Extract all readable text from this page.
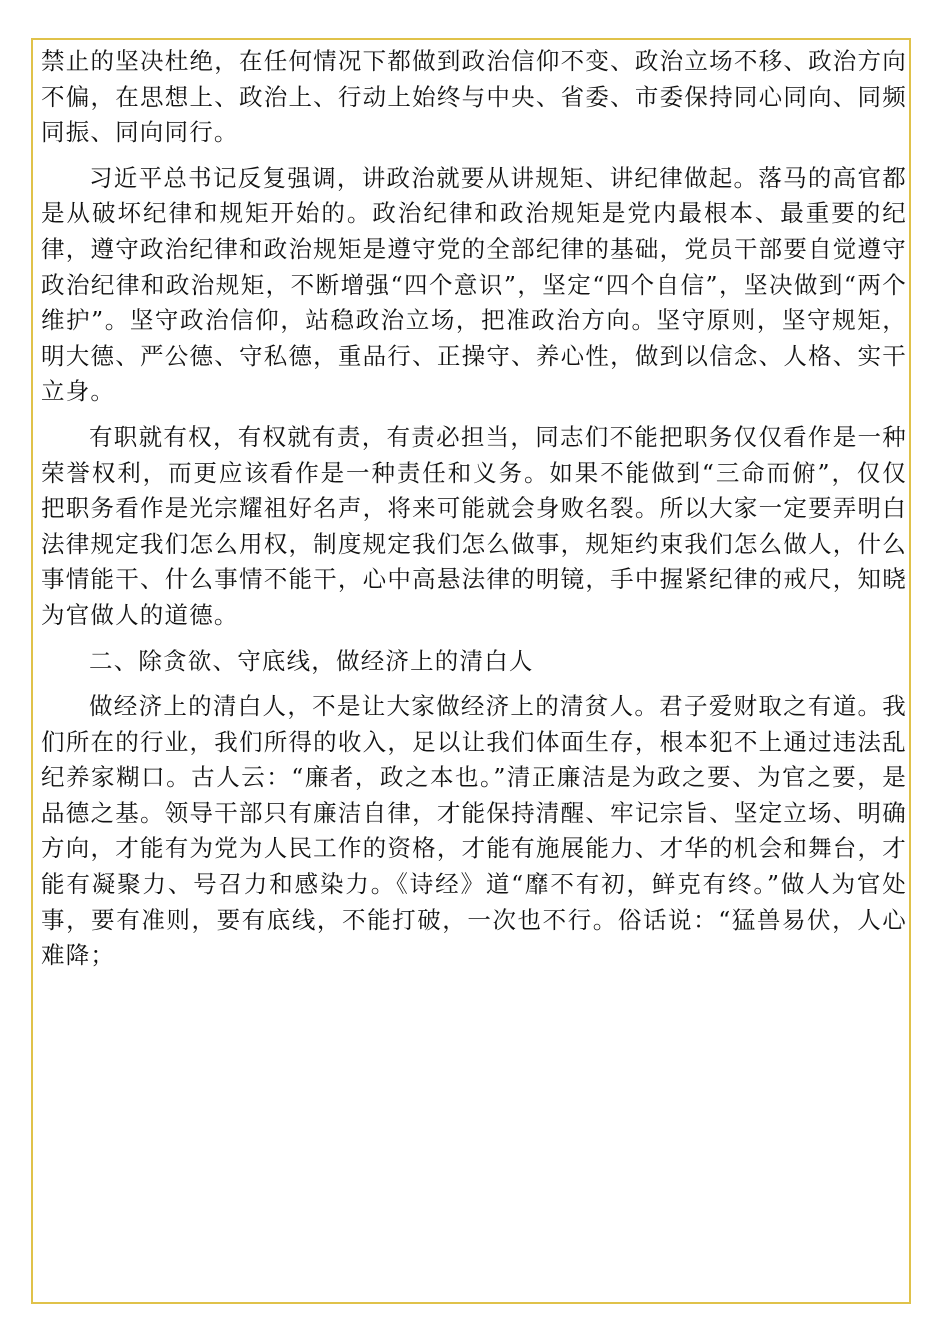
禁止的坚决杜绝，在任何情况下都做到政治信仰不变、政治立场不移、政治方向不偏，在思想上、政治上、行动上始终与中央、省委、市委保持同心同向、同频同振、同向同行。

习近平总书记反复强调，讲政治就要从讲规矩、讲纪律做起。落马的高官都是从破坏纪律和规矩开始的。政治纪律和政治规矩是党内最根本、最重要的纪律，遵守政治纪律和政治规矩是遵守党的全部纪律的基础，党员干部要自觉遵守政治纪律和政治规矩，不断增强“四个意识”，坚定“四个自信”，坚决做到“两个维护”。坚守政治信仰，站稳政治立场，把准政治方向。坚守原则，坚守规矩，明大德、严公德、守私德，重品行、正操守、养心性，做到以信念、人格、实干立身。

有职就有权，有权就有责，有责必担当，同志们不能把职务仅仅看作是一种荣誉权利，而更应该看作是一种责任和义务。如果不能做到“三命而俯”，仅仅把职务看作是光宗耀祖好名声，将来可能就会身败名裂。所以大家一定要弄明白法律规定我们怎么用权，制度规定我们怎么做事，规矩约束我们怎么做人，什么事情能干、什么事情不能干，心中高悬法律的明镜，手中握紧纪律的戒尺，知晓为官做人的道德。

二、除贪欲、守底线，做经济上的清白人

做经济上的清白人，不是让大家做经济上的清贫人。君子爱财取之有道。我们所在的行业，我们所得的收入，足以让我们体面生存，根本犯不上通过违法乱纪养家糊口。古人云：“廉者，政之本也。”清正廉洁是为政之要、为官之要，是品德之基。领导干部只有廉洁自律，才能保持清醒、牢记宗旨、坚定立场、明确方向，才能有为党为人民工作的资格，才能有施展能力、才华的机会和舞台，才能有凝聚力、号召力和感染力。《诗经》道“靡不有初，鲜克有终。”做人为官处事，要有准则，要有底线，不能打破，一次也不行。俗话说：“猛兽易伏，人心难降；
